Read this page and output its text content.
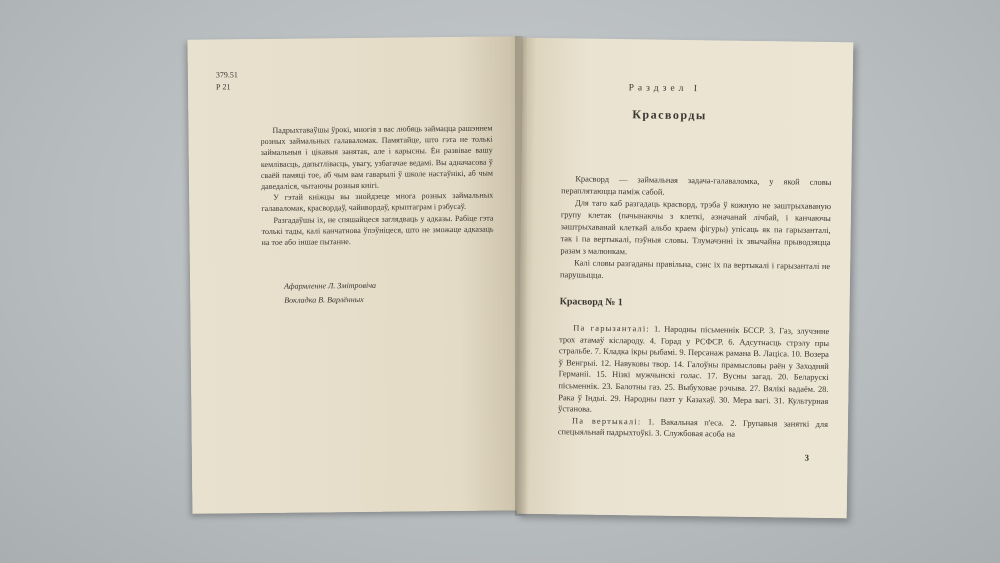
379.51
Р 21

Падрыхтаваўшы ўрокі, многія з вас любяць займацца рашэннем розных займальных галаваломак. Памятайце, што гэта не толькі займальныя і цікавыя занятак, але і карысны. Ён развівае вашу кемлівасць, дапытлівасць, увагу, узбагачае ведамі. Вы адначасова ў сваёй памяці тое, аб чым вам гаварылі ў школе настаўнікі, аб чым даведаліся, чытаючы розныя кнігі.

У гэтай кніжцы вы знойдзеце многа розных займальных галаваломак, красвордаў, чайнвордаў, крыптаграм і рэбусаў.

Разгадаўшы іх, не спяшайцеся заглядваць у адказы. Рабіце гэта толькі тады, калі канчатнова ўпэўніцеся, што не зможаце адказаць на тое або іншае пытанне.

Афармленне Л. Змітровіча
Вокладка В. Варлённых
Раздзел I
Красворды

Красворд — займальная задача-галаваломка, у якой словы пераплятаюцца паміж сабой.

Для таго каб разгадаць красворд, трэба ў кожную не заштрыхаваную групу клетак (пачынаючы з клеткі, азначанай лічбай, і канчаючы заштрыхаванай клеткай альбо краем фігуры) упісаць як па гарызанталі, так і па вертыкалі, пэўныя словы. Тлумачэнні іх звычайна прыводзяцца разам з малюнкам.

Калі словы разгаданы правільна, сэнс іх па вертыкалі і гарызанталі не парушыцца.

Красворд № 1

Па гарызанталі: 1. Народны пісьменнік БССР. 3. Газ, злучэнне трох атамаў кіслароду. 4. Горад у РСФСР. 6. Адсутнасць стрэлу пры стральбе. 7. Кладка ікры рыбамі. 9. Персанаж рамана В. Лацiса. 10. Возера ў Венгрыі. 12. Навуковы твор. 14. Галоўны прамысловы раён у Заходняй Германіі. 15. Нізкі мужчынскі голас. 17. Вусны загад. 20. Беларускі пісьменнік. 23. Балотны газ. 25. Выбуховае рэчыва. 27. Вялікі вадаём. 28. Рака ў Індыі. 29. Народны паэт у Казахаў. 30. Мера вагі. 31. Культурная ўстанова.

Па вертыкалі: 1. Вакальная п'еса. 2. Групавыя заняткі для спецыяльнай падрыхтоўкі. 3. Службовая асоба на

3
